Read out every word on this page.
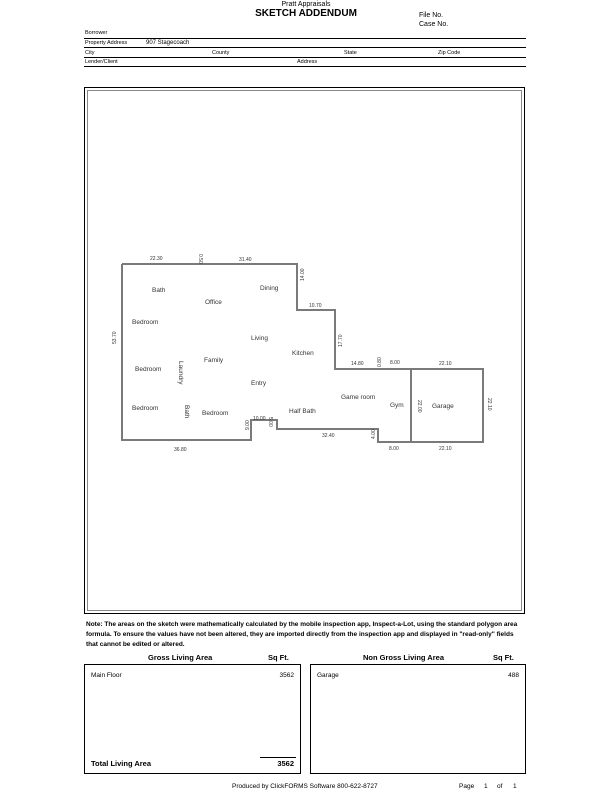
Pratt Appraisals
SKETCH ADDENDUM	File No.
Case No.
Borrower
Property Address	907 Stagecoach
City	County	State	Zip Code
Lender/Client	Address
Bath
Office
Dining
Bedroom
Living
Family
Kitchen
Bedroom Laundry	Entry
Game room
Gym	Garage
Bedroom	Bath Bedroom	Half Bath
22.30	0.50	31.40
14.00
10.70
17.70
53.70
14.80	0.80 8.00	22.10
22.00	22.10
10.00 5.00
9.00
32.40	4.00
8.00	22.10
36.80
Note: The areas on the sketch were mathematically calculated by the mobile inspection app, Inspect-a-Lot, using the standard polygon area formula. To ensure the values have not been altered, they are imported directly from the inspection app and displayed in "read-only" fields that cannot be edited or altered.
Gross Living Area	Sq Ft.
Main Floor	3562
Total Living Area	3562
Non Gross Living Area	Sq Ft.
Garage	488
Produced by ClickFORMS Software 800-622-8727	Page 1 of 1
